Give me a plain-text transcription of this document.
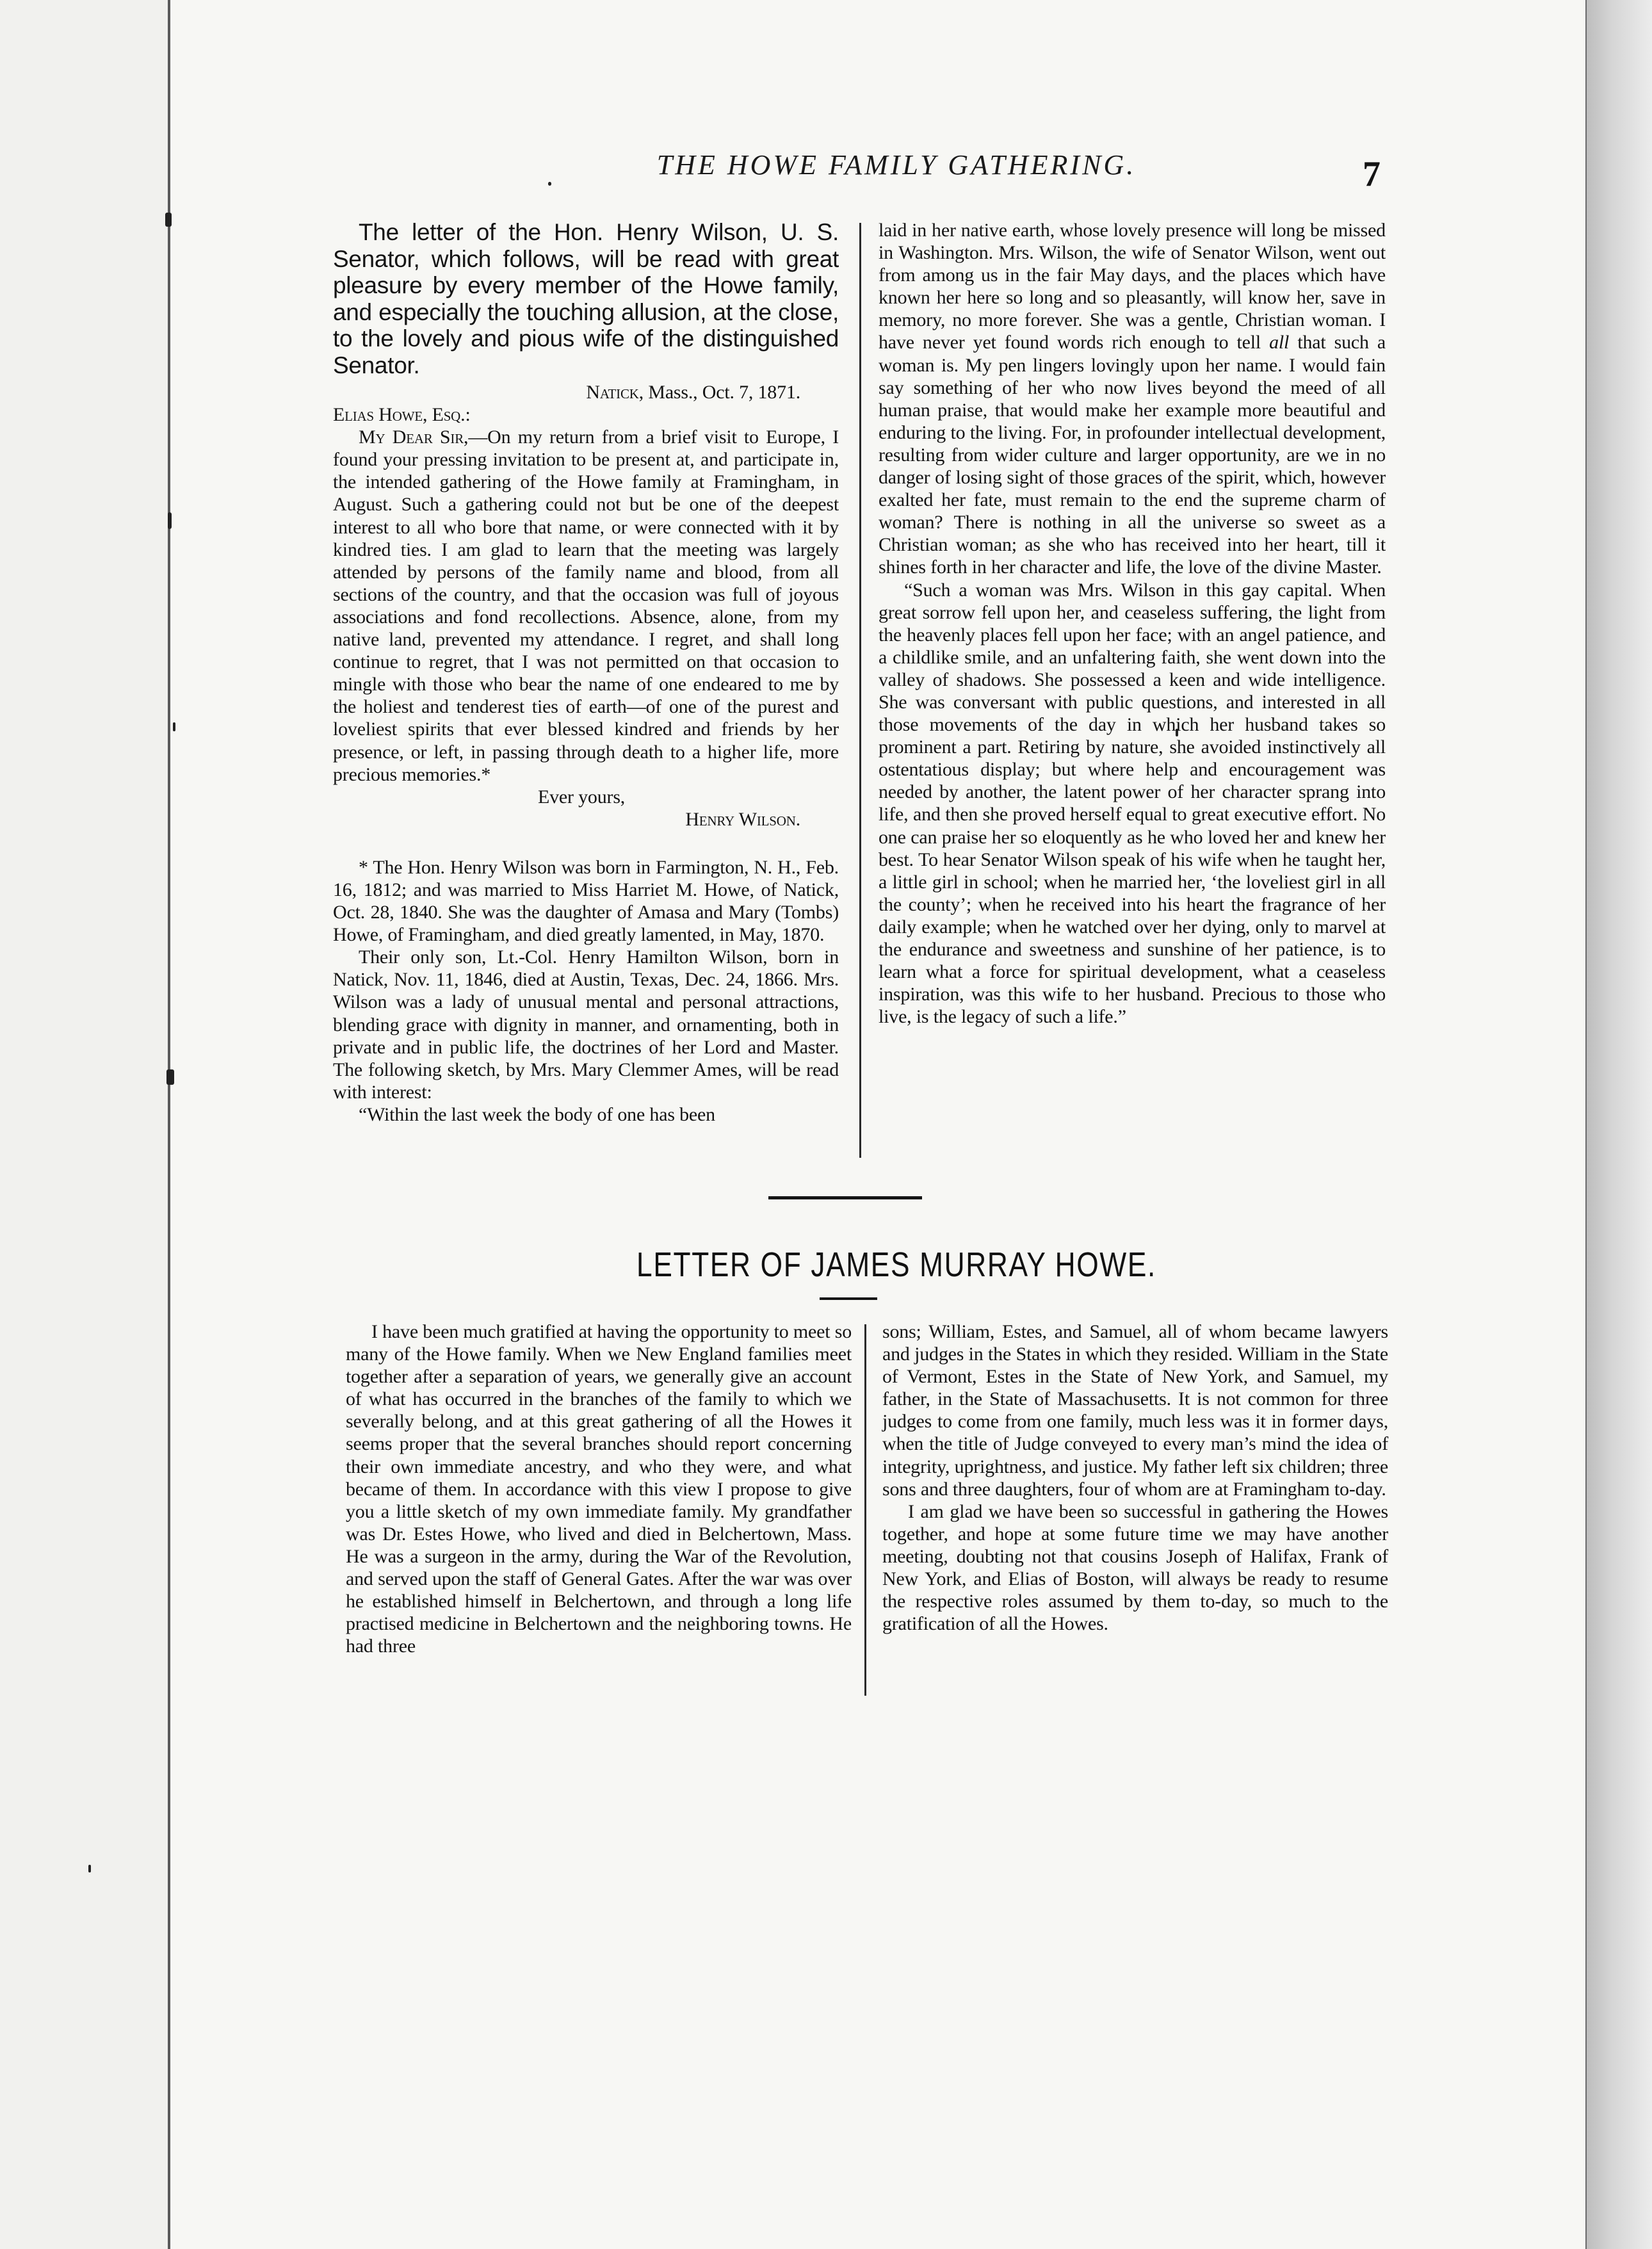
THE HOWE FAMILY GATHERING.	7

The letter of the Hon. Henry Wilson, U. S. Senator, which follows, will be read with great pleasure by every member of the Howe family, and especially the touching allusion, at the close, to the lovely and pious wife of the distinguished Senator.

Natick, Mass., Oct. 7, 1871.

Elias Howe, Esq.:

My Dear Sir,—On my return from a brief visit to Europe, I found your pressing invitation to be present at, and participate in, the intended gathering of the Howe family at Framingham, in August. Such a gathering could not but be one of the deepest interest to all who bore that name, or were connected with it by kindred ties. I am glad to learn that the meeting was largely attended by persons of the family name and blood, from all sections of the country, and that the occasion was full of joyous associations and fond recollections. Absence, alone, from my native land, prevented my attendance. I regret, and shall long continue to regret, that I was not permitted on that occasion to mingle with those who bear the name of one endeared to me by the holiest and tenderest ties of earth—of one of the purest and loveliest spirits that ever blessed kindred and friends by her presence, or left, in passing through death to a higher life, more precious memories.*

Ever yours,

Henry Wilson.

* The Hon. Henry Wilson was born in Farmington, N. H., Feb. 16, 1812; and was married to Miss Harriet M. Howe, of Natick, Oct. 28, 1840. She was the daughter of Amasa and Mary (Tombs) Howe, of Framingham, and died greatly lamented, in May, 1870.

Their only son, Lt.-Col. Henry Hamilton Wilson, born in Natick, Nov. 11, 1846, died at Austin, Texas, Dec. 24, 1866. Mrs. Wilson was a lady of unusual mental and personal attractions, blending grace with dignity in manner, and ornamenting, both in private and in public life, the doctrines of her Lord and Master. The following sketch, by Mrs. Mary Clemmer Ames, will be read with interest:

“Within the last week the body of one has been

laid in her native earth, whose lovely presence will long be missed in Washington. Mrs. Wilson, the wife of Senator Wilson, went out from among us in the fair May days, and the places which have known her here so long and so pleasantly, will know her, save in memory, no more forever. She was a gentle, Christian woman. I have never yet found words rich enough to tell all that such a woman is. My pen lingers lovingly upon her name. I would fain say something of her who now lives beyond the meed of all human praise, that would make her example more beautiful and enduring to the living. For, in profounder intellectual development, resulting from wider culture and larger opportunity, are we in no danger of losing sight of those graces of the spirit, which, however exalted her fate, must remain to the end the supreme charm of woman? There is nothing in all the universe so sweet as a Christian woman; as she who has received into her heart, till it shines forth in her character and life, the love of the divine Master.

“Such a woman was Mrs. Wilson in this gay capital. When great sorrow fell upon her, and ceaseless suffering, the light from the heavenly places fell upon her face; with an angel patience, and a childlike smile, and an unfaltering faith, she went down into the valley of shadows. She possessed a keen and wide intelligence. She was conversant with public questions, and interested in all those movements of the day in which her husband takes so prominent a part. Retiring by nature, she avoided instinctively all ostentatious display; but where help and encouragement was needed by another, the latent power of her character sprang into life, and then she proved herself equal to great executive effort. No one can praise her so eloquently as he who loved her and knew her best. To hear Senator Wilson speak of his wife when he taught her, a little girl in school; when he married her, ‘the loveliest girl in all the county’; when he received into his heart the fragrance of her daily example; when he watched over her dying, only to marvel at the endurance and sweetness and sunshine of her patience, is to learn what a force for spiritual development, what a ceaseless inspiration, was this wife to her husband. Precious to those who live, is the legacy of such a life.”

LETTER OF JAMES MURRAY HOWE.

I have been much gratified at having the opportunity to meet so many of the Howe family. When we New England families meet together after a separation of years, we generally give an account of what has occurred in the branches of the family to which we severally belong, and at this great gathering of all the Howes it seems proper that the several branches should report concerning their own immediate ancestry, and who they were, and what became of them. In accordance with this view I propose to give you a little sketch of my own immediate family. My grandfather was Dr. Estes Howe, who lived and died in Belchertown, Mass. He was a surgeon in the army, during the War of the Revolution, and served upon the staff of General Gates. After the war was over he established himself in Belchertown, and through a long life practised medicine in Belchertown and the neighboring towns. He had three

sons; William, Estes, and Samuel, all of whom became lawyers and judges in the States in which they resided. William in the State of Vermont, Estes in the State of New York, and Samuel, my father, in the State of Massachusetts. It is not common for three judges to come from one family, much less was it in former days, when the title of Judge conveyed to every man’s mind the idea of integrity, uprightness, and justice. My father left six children; three sons and three daughters, four of whom are at Framingham to-day.

I am glad we have been so successful in gathering the Howes together, and hope at some future time we may have another meeting, doubting not that cousins Joseph of Halifax, Frank of New York, and Elias of Boston, will always be ready to resume the respective roles assumed by them to-day, so much to the gratification of all the Howes.
